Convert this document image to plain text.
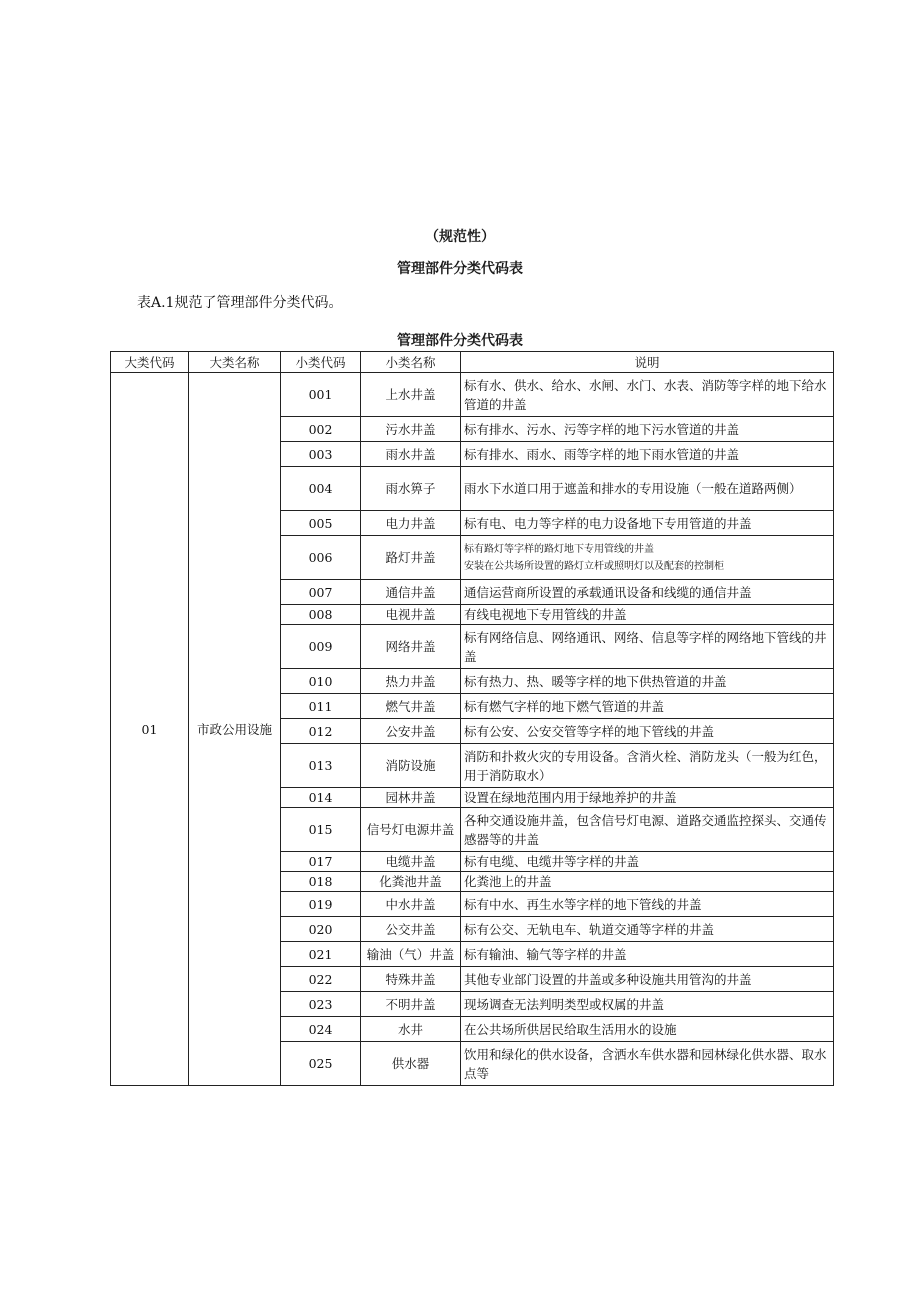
（规范性）
管理部件分类代码表
表A.1规范了管理部件分类代码。
管理部件分类代码表
大类代码	大类名称	小类代码	小类名称	说明
01	市政公用设施	001	上水井盖	标有水、供水、给水、水闸、水门、水表、消防等字样的地下给水管道的井盖
		002	污水井盖	标有排水、污水、污等字样的地下污水管道的井盖
		003	雨水井盖	标有排水、雨水、雨等字样的地下雨水管道的井盖
		004	雨水箅子	雨水下水道口用于遮盖和排水的专用设施（一般在道路两侧）
		005	电力井盖	标有电、电力等字样的电力设备地下专用管道的井盖
		006	路灯井盖	标有路灯等字样的路灯地下专用管线的井盖
安装在公共场所设置的路灯立杆或照明灯以及配套的控制柜

		007	通信井盖	通信运营商所设置的承载通讯设备和线缆的通信井盖
		008	电视井盖	有线电视地下专用管线的井盖
		009	网络井盖	标有网络信息、网络通讯、网络、信息等字样的网络地下管线的井盖
		010	热力井盖	标有热力、热、暖等字样的地下供热管道的井盖
		011	燃气井盖	标有燃气字样的地下燃气管道的井盖
		012	公安井盖	标有公安、公安交管等字样的地下管线的井盖
		013	消防设施	消防和扑救火灾的专用设备。含消火栓、消防龙头（一般为红色，用于消防取水）
		014	园林井盖	设置在绿地范围内用于绿地养护的井盖
		015	信号灯电源井盖	各种交通设施井盖，包含信号灯电源、道路交通监控探头、交通传感器等的井盖
		017	电缆井盖	标有电缆、电缆井等字样的井盖
		018	化粪池井盖	化粪池上的井盖
		019	中水井盖	标有中水、再生水等字样的地下管线的井盖
		020	公交井盖	标有公交、无轨电车、轨道交通等字样的井盖
		021	输油（气）井盖	标有输油、输气等字样的井盖
		022	特殊井盖	其他专业部门设置的井盖或多种设施共用管沟的井盖
		023	不明井盖	现场调查无法判明类型或权属的井盖
		024	水井	在公共场所供居民给取生活用水的设施
		025	供水器	饮用和绿化的供水设备，含洒水车供水器和园林绿化供水器、取水点等
